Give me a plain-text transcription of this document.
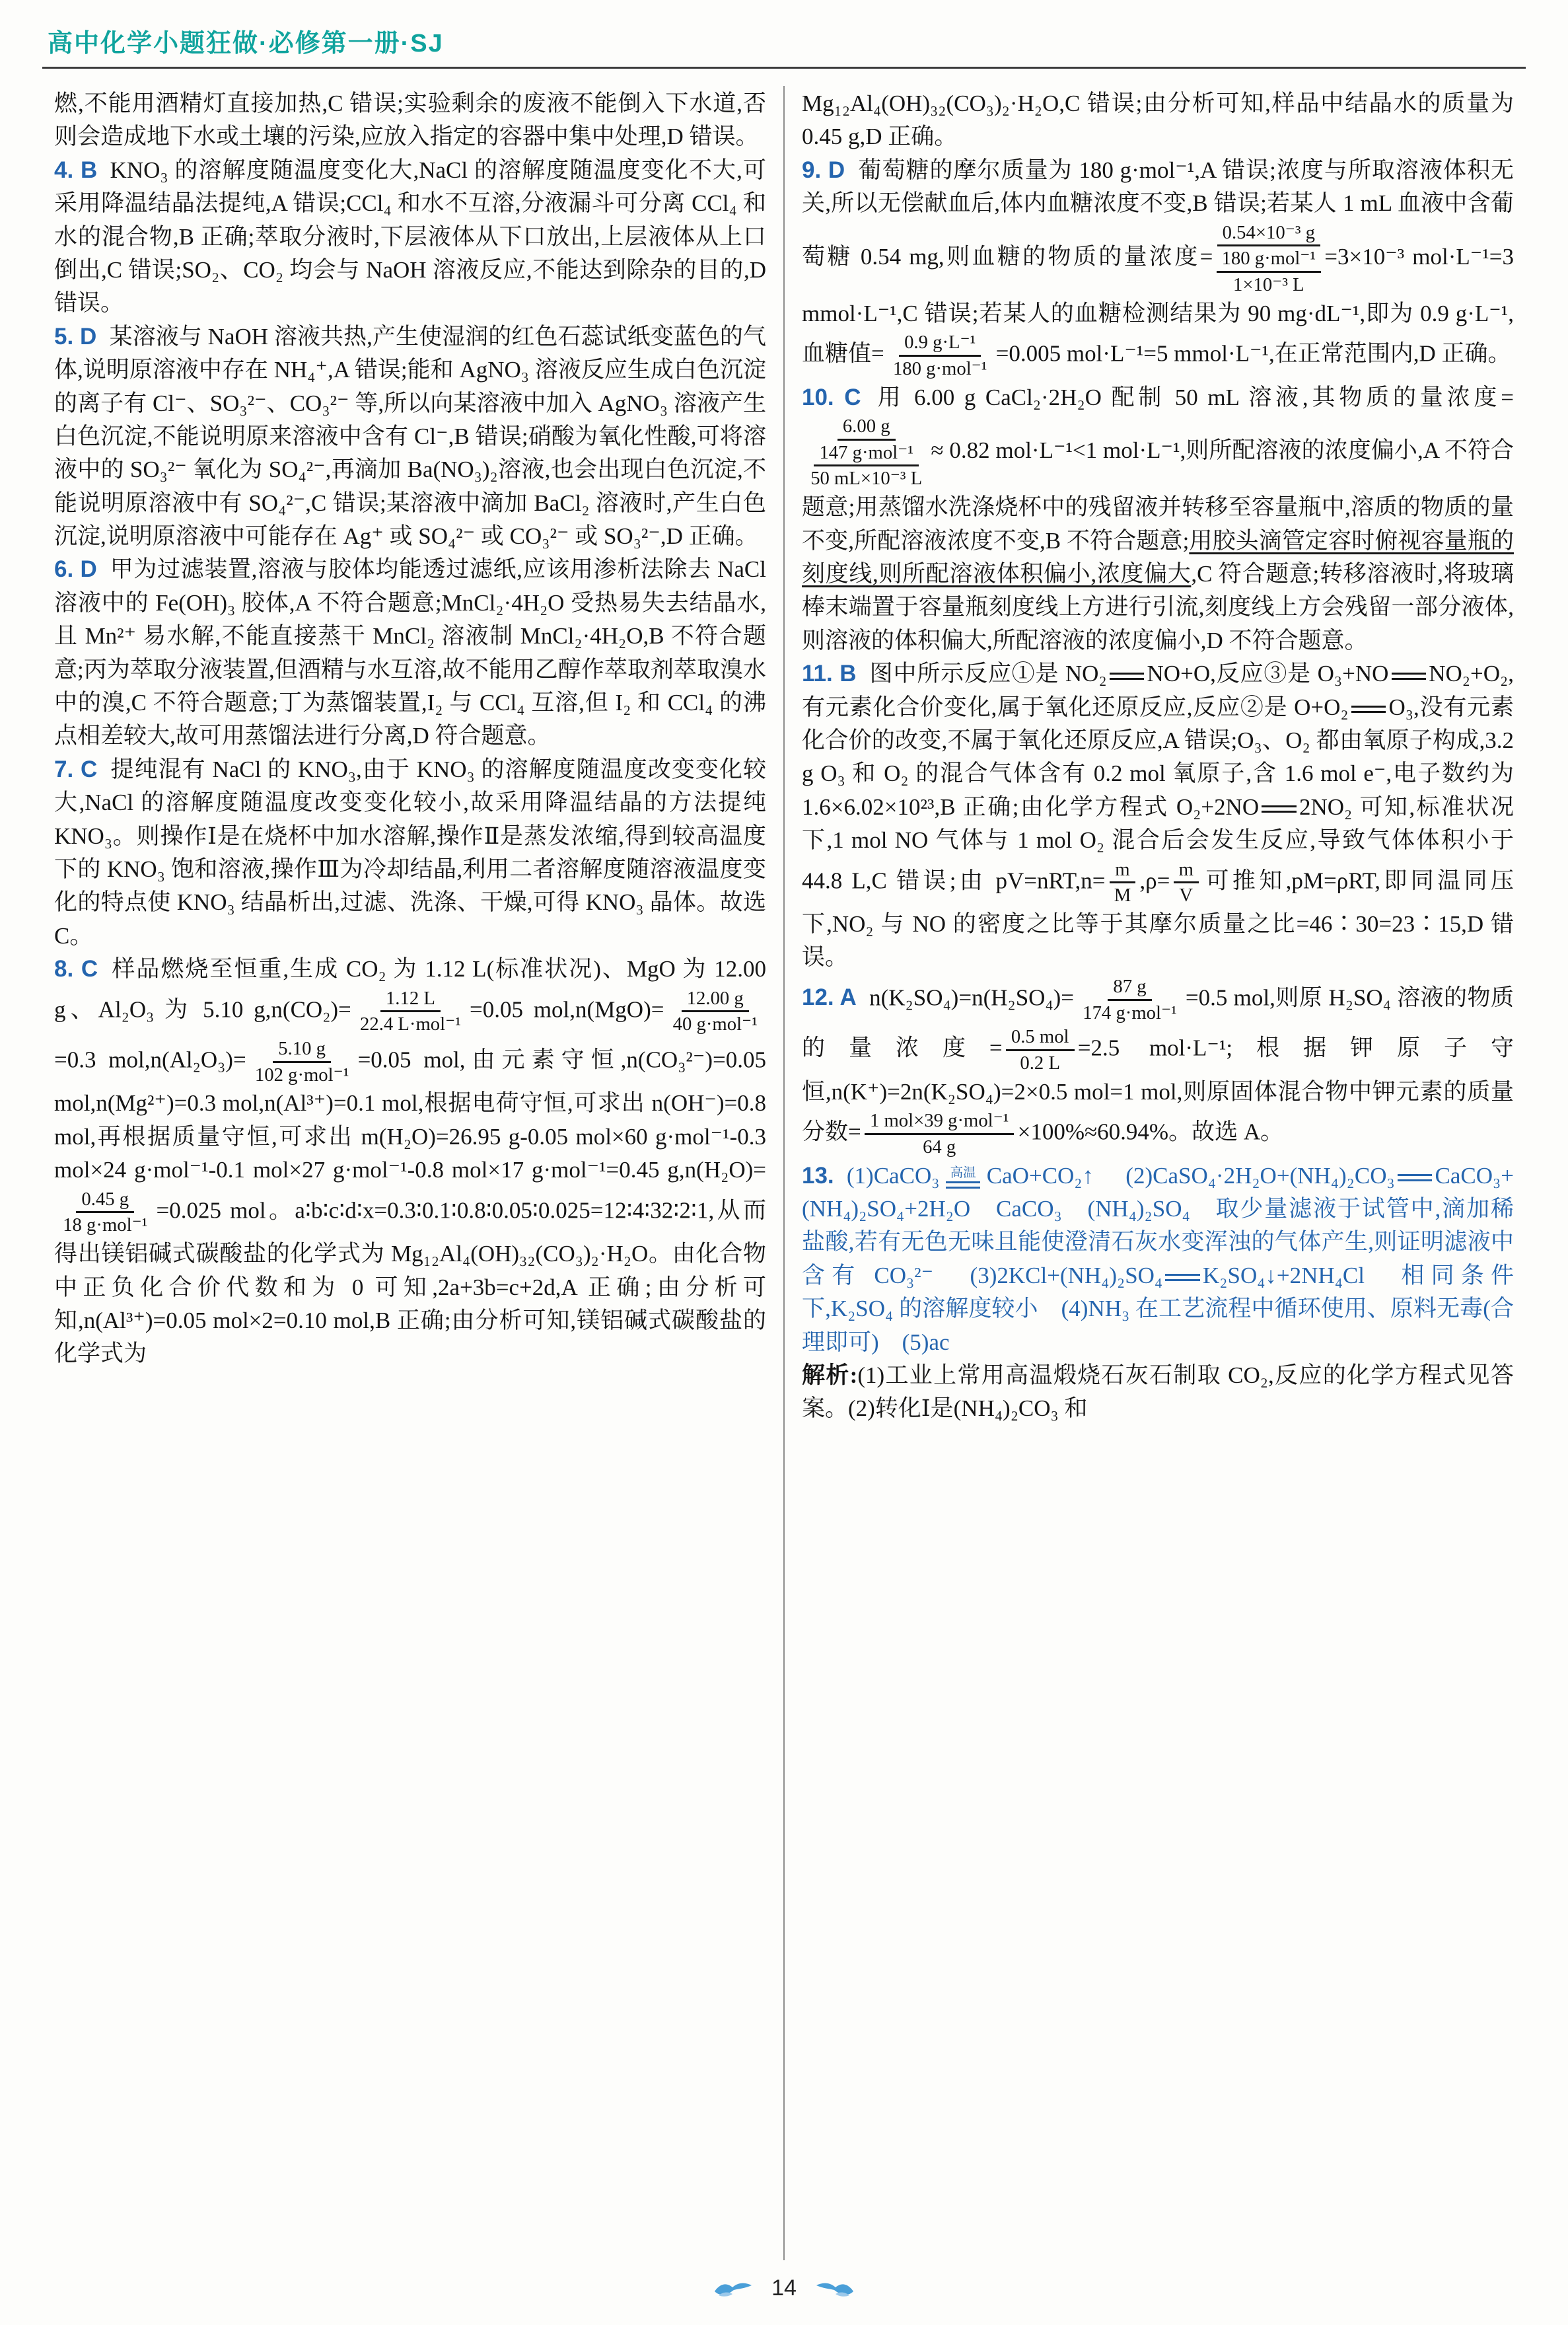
高中化学小题狂做·必修第一册·SJ
燃,不能用酒精灯直接加热,C 错误;实验剩余的废液不能倒入下水道,否则会造成地下水或土壤的污染,应放入指定的容器中集中处理,D 错误。
4. B KNO₃ 的溶解度随温度变化大,NaCl 的溶解度随温度变化不大,可采用降温结晶法提纯,A 错误;CCl₄ 和水不互溶,分液漏斗可分离 CCl₄ 和水的混合物,B 正确;萃取分液时,下层液体从下口放出,上层液体从上口倒出,C 错误;SO₂、CO₂ 均会与 NaOH 溶液反应,不能达到除杂的目的,D 错误。
5. D 某溶液与 NaOH 溶液共热,产生使湿润的红色石蕊试纸变蓝色的气体,说明原溶液中存在 NH₄⁺,A 错误;能和 AgNO₃ 溶液反应生成白色沉淀的离子有 Cl⁻、SO₃²⁻、CO₃²⁻ 等,所以向某溶液中加入 AgNO₃ 溶液产生白色沉淀,不能说明原来溶液中含有 Cl⁻,B 错误;硝酸为氧化性酸,可将溶液中的 SO₃²⁻ 氧化为 SO₄²⁻,再滴加 Ba(NO₃)₂溶液,也会出现白色沉淀,不能说明原溶液中有 SO₄²⁻,C 错误;某溶液中滴加 BaCl₂ 溶液时,产生白色沉淀,说明原溶液中可能存在 Ag⁺ 或 SO₄²⁻ 或 CO₃²⁻ 或 SO₃²⁻,D 正确。
6. D 甲为过滤装置,溶液与胶体均能透过滤纸,应该用渗析法除去 NaCl 溶液中的 Fe(OH)₃ 胶体,A 不符合题意;MnCl₂·4H₂O 受热易失去结晶水,且 Mn²⁺ 易水解,不能直接蒸干 MnCl₂ 溶液制 MnCl₂·4H₂O,B 不符合题意;丙为萃取分液装置,但酒精与水互溶,故不能用乙醇作萃取剂萃取溴水中的溴,C 不符合题意;丁为蒸馏装置,I₂ 与 CCl₄ 互溶,但 I₂ 和 CCl₄ 的沸点相差较大,故可用蒸馏法进行分离,D 符合题意。
7. C 提纯混有 NaCl 的 KNO₃,由于 KNO₃ 的溶解度随温度改变变化较大,NaCl 的溶解度随温度改变变化较小,故采用降温结晶的方法提纯 KNO₃。则操作Ⅰ是在烧杯中加水溶解,操作Ⅱ是蒸发浓缩,得到较高温度下的 KNO₃ 饱和溶液,操作Ⅲ为冷却结晶,利用二者溶解度随溶液温度变化的特点使 KNO₃ 结晶析出,过滤、洗涤、干燥,可得 KNO₃ 晶体。故选 C。
8. C 样品燃烧至恒重,生成 CO₂ 为 1.12 L(标准状况)、MgO 为 12.00 g、Al₂O₃ 为 5.10 $g,n(CO_2)= \frac{1.12 L}{\text{22.4 L·mol⁻¹}} =0.05$ $mol,n(MgO)= \frac{12.00 g}{\text{40 g·mol⁻¹}}$
=0.3 $mol,n(Al_2O_3)= \frac{5.10 g}{\text{102 g·mol⁻¹}} =0.05$ mol,由元素守恒,n(CO₃²⁻)=0.05 mol,n(Mg²⁺)=0.3 mol,n(Al³⁺)=0.1 mol,根据电荷守恒,可求出 n(OH⁻)=0.8 mol,再根据质量守恒,可求出 m(H₂O)=26.95 g-0.05 mol×60 g·mol⁻¹-0.3 mol×24 g·mol⁻¹-0.1 mol×27 g·mol⁻¹-0.8 mol×17 g·mol⁻¹=0.45 g,n(H₂O)=
$\frac{0.45 g}{\text{18 g·mol⁻¹}} =0.025$ mol。a∶b∶c∶d∶x=0.3∶0.1∶0.8∶0.05∶0.025=12∶4∶32∶2∶1,从而得出镁铝碱式碳酸盐的化学式为 Mg₁₂Al₄(OH)₃₂(CO₃)₂·H₂O。由化合物中正负化合价代数和为 0 可知,2a+3b=c+2d,A 正确;由分析可知,n(Al³⁺)=0.05 mol×2=0.10 mol,B 正确;由分析可知,镁铝碱式碳酸盐的化学式为
Mg₁₂Al₄(OH)₃₂(CO₃)₂·H₂O,C 错误;由分析可知,样品中结晶水的质量为0.45 g,D 正确。
9. D 葡萄糖的摩尔质量为 180 g·mol⁻¹,A 错误;浓度与所取溶液体积无关,所以无偿献血后,体内血糖浓度不变,B 错误;若某人 1 mL 血液中含葡萄糖 0.54 mg,则血糖的物质的量浓度=
0.54×10⁻³ g
180 g·mol⁻¹
1×10⁻³ L
=3×10⁻³ mol·L⁻¹=3 mmol·L⁻¹,C 错误;若某人的血糖检测结果为 90 mg·dL⁻¹,即为 0.9 g·L⁻¹,血糖值= $\frac{\text{0.9 g·L⁻¹}}{\text{180 g·mol⁻¹}} =0.005$ mol·L⁻¹=5 mmol·L⁻¹,在正常范围内,D 正确。
10. C 用 6.00 g CaCl₂·2H₂O 配制 50 mL 溶液,其物质的量浓度=
6.00 g
147 g·mol⁻¹
50 mL×10⁻³ L
≈ 0.82 mol·L⁻¹<1 mol·L⁻¹,则所配溶液的浓度偏小,A 不符合题意;用蒸馏水洗涤烧杯中的残留液并转移至容量瓶中,溶质的物质的量不变,所配溶液浓度不变,B 不符合题意;用胶头滴管定容时俯视容量瓶的刻度线,则所配溶液体积偏小,浓度偏大,C 符合题意;转移溶液时,将玻璃棒末端置于容量瓶刻度线上方进行引流,刻度线上方会残留一部分液体,则溶液的体积偏大,所配溶液的浓度偏小,D 不符合题意。
11. B 图中所示反应①是 NO₂ NO+O,反应③是 O₃+NO NO₂+O₂,有元素化合价变化,属于氧化还原反应,反应②是 O+O₂ O₃,没有元素化合价的改变,不属于氧化还原反应,A 错误;O₃、O₂ 都由氧原子构成,3.2 g O₃ 和 O₂ 的混合气体含有 0.2 mol 氧原子,含 1.6 mol e⁻,电子数约为 1.6×6.02×10²³,B 正确;由化学方程式 O₂+2NO 2NO₂ 可知,标准状况下,1 mol NO 气体与 1 mol O₂ 混合后会发生反应,导致气体体积小于 44.8 L,C 错误;由 $pV=nRT,n= \frac{m}{M} ,\rho= \frac{m}{V}$ 可推知,pM=ρRT,即同温同压下,NO₂ 与 NO 的密度之比等于其摩尔质量之比=46∶30=23∶15,D 错误。
12. A $n(K_2SO_4)=n(H_2SO_4)= \frac{87 g}{\text{174 g·mol⁻¹}} =0.5$ mol,则原 H₂SO₄ 溶液的物质的量浓度= $\frac{\text{0.5 mol}}{0.2 L} =2.5$ mol·L⁻¹;根据钾原子守恒,n(K⁺)=2n(K₂SO₄)=2×0.5 mol=1 mol,则原固体混合物中钾元素的质量分数= $\frac{\text{1 mol×39 g·mol⁻¹}}{64 g} \times 100\%\approx 60.94\%$。故选 A。
13. (1)CaCO₃ 高温 CaO+CO₂↑　(2)CaSO₄·2H₂O+(NH₄)₂CO₃ CaCO₃+(NH₄)₂SO₄+2H₂O　CaCO₃　(NH₄)₂SO₄　取少量滤液于试管中,滴加稀盐酸,若有无色无味且能使澄清石灰水变浑浊的气体产生,则证明滤液中含有 CO₃²⁻　(3)2KCl+(NH₄)₂SO₄ K₂SO₄↓+2NH₄Cl　相同条件下,K₂SO₄ 的溶解度较小　(4)NH₃ 在工艺流程中循环使用、原料无毒(合理即可)　(5)ac
解析:(1)工业上常用高温煅烧石灰石制取 CO₂,反应的化学方程式见答案。(2)转化Ⅰ是(NH₄)₂CO₃ 和
14
